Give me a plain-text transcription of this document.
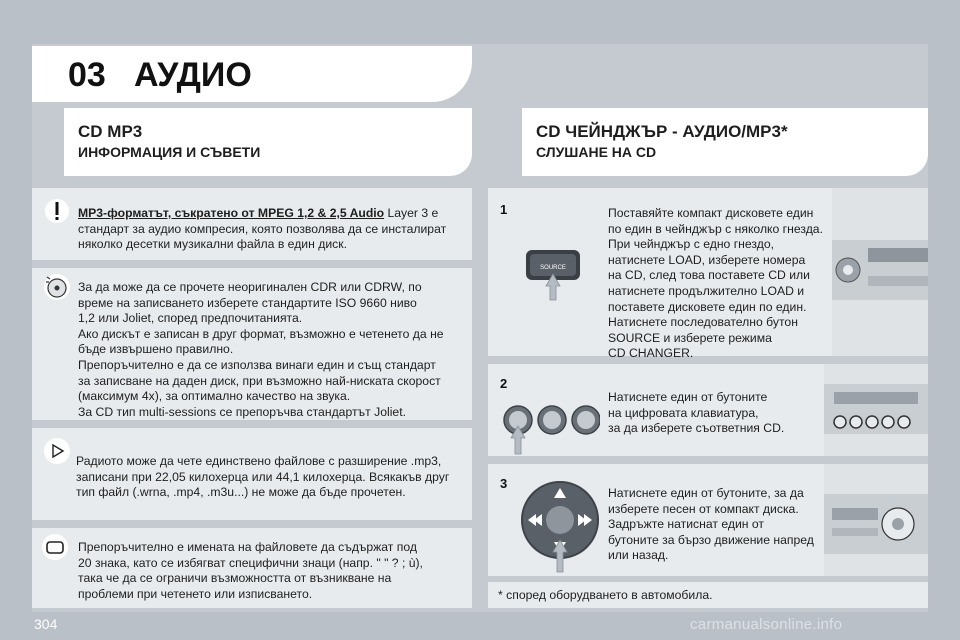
03 АУДИО
CD MP3
ИНФОРМАЦИЯ И СЪВЕТИ
CD ЧЕЙНДЖЪР - АУДИО/MP3*
СЛУШАНЕ НА CD
MP3-форматът, съкратено от MPEG 1,2 & 2,5 Audio Layer 3 е
стандарт за аудио компресия, която позволява да се инсталират
няколко десетки музикални файла в един диск.
За да може да се прочете неоригинален CDR или CDRW, по
време на записването изберете стандартите ISO 9660 ниво
1,2 или Joliet, според предпочитанията.
Ако дискът е записан в друг формат, възможно е четенето да не
бъде извършено правилно.
Препоръчително е да се използва винаги един и същ стандарт
за записване на даден диск, при възможно най-ниската скорост
(максимум 4x), за оптимално качество на звука.
За CD тип multi-sessions се препоръчва стандартът Joliet.
Радиото може да чете единствено файлове с разширение .mp3,
записани при 22,05 килохерца или 44,1 килохерца. Всякакъв друг
тип файл (.wrna, .mp4, .m3u...) не може да бъде прочетен.
Препоръчително е имената на файловете да съдържат под
20 знака, като се избягват специфични знаци (напр. " " ? ; ù),
така че да се ограничи възможността от възникване на
проблеми при четенето или изписването.
1
SOURCE
Поставяйте компакт дисковете един
по един в чейнджър с няколко гнезда.
При чейнджър с едно гнездо,
натиснете LOAD, изберете номера
на CD, след това поставете CD или
натиснете продължително LOAD и
поставете дисковете един по един.
Натиснете последователно бутон
SOURCE и изберете режима
CD CHANGER.
2
Натиснете един от бутоните
на цифровата клавиатура,
за да изберете съответния CD.
3
Натиснете един от бутоните, за да
изберете песен от компакт диска.
Задръжте натиснат един от
бутоните за бързо движение напред
или назад.
* според оборудването в автомобила.
304	carmanualsonline.info
